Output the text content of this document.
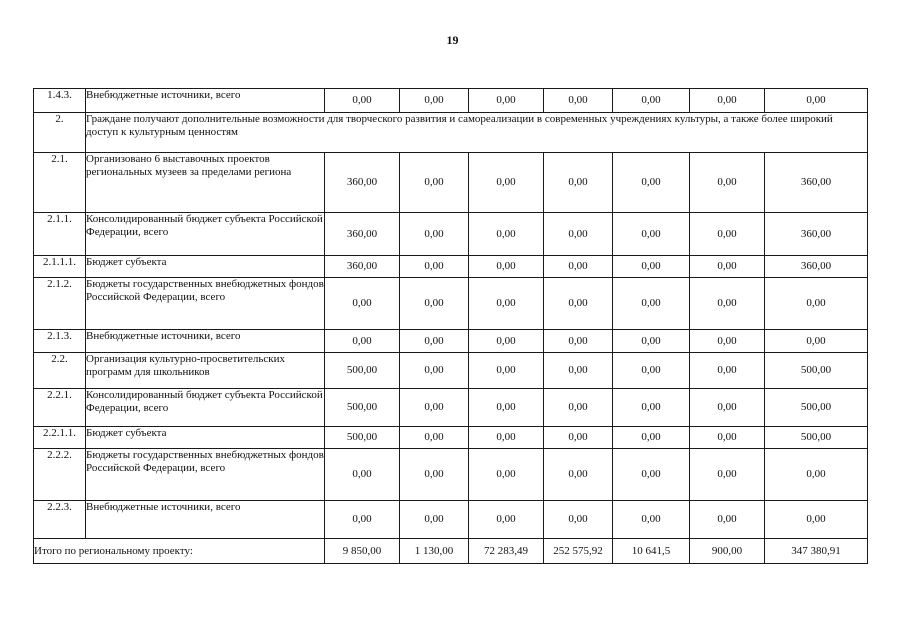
19
1.4.3.	Внебюджетные источники, всего	0,00	0,00	0,00	0,00	0,00	0,00	0,00
2.	Граждане получают дополнительные возможности для творческого развития и самореализации в современных учреждениях культуры, а также более широкий доступ к культурным ценностям							
2.1.	Организовано 6 выставочных проектов региональных музеев за пределами региона	360,00	0,00	0,00	0,00	0,00	0,00	360,00
2.1.1.	Консолидированный бюджет субъекта Российской Федерации, всего	360,00	0,00	0,00	0,00	0,00	0,00	360,00
2.1.1.1.	Бюджет субъекта	360,00	0,00	0,00	0,00	0,00	0,00	360,00
2.1.2.	Бюджеты государственных внебюджетных фондов Российской Федерации, всего	0,00	0,00	0,00	0,00	0,00	0,00	0,00
2.1.3.	Внебюджетные источники, всего	0,00	0,00	0,00	0,00	0,00	0,00	0,00
2.2.	Организация культурно-просветительских программ для школьников	500,00	0,00	0,00	0,00	0,00	0,00	500,00
2.2.1.	Консолидированный бюджет субъекта Российской Федерации, всего	500,00	0,00	0,00	0,00	0,00	0,00	500,00
2.2.1.1.	Бюджет субъекта	500,00	0,00	0,00	0,00	0,00	0,00	500,00
2.2.2.	Бюджеты государственных внебюджетных фондов Российской Федерации, всего	0,00	0,00	0,00	0,00	0,00	0,00	0,00
2.2.3.	Внебюджетные источники, всего	0,00	0,00	0,00	0,00	0,00	0,00	0,00
Итого по региональному проекту:		9 850,00	1 130,00	72 283,49	252 575,92	10 641,5	900,00	347 380,91
